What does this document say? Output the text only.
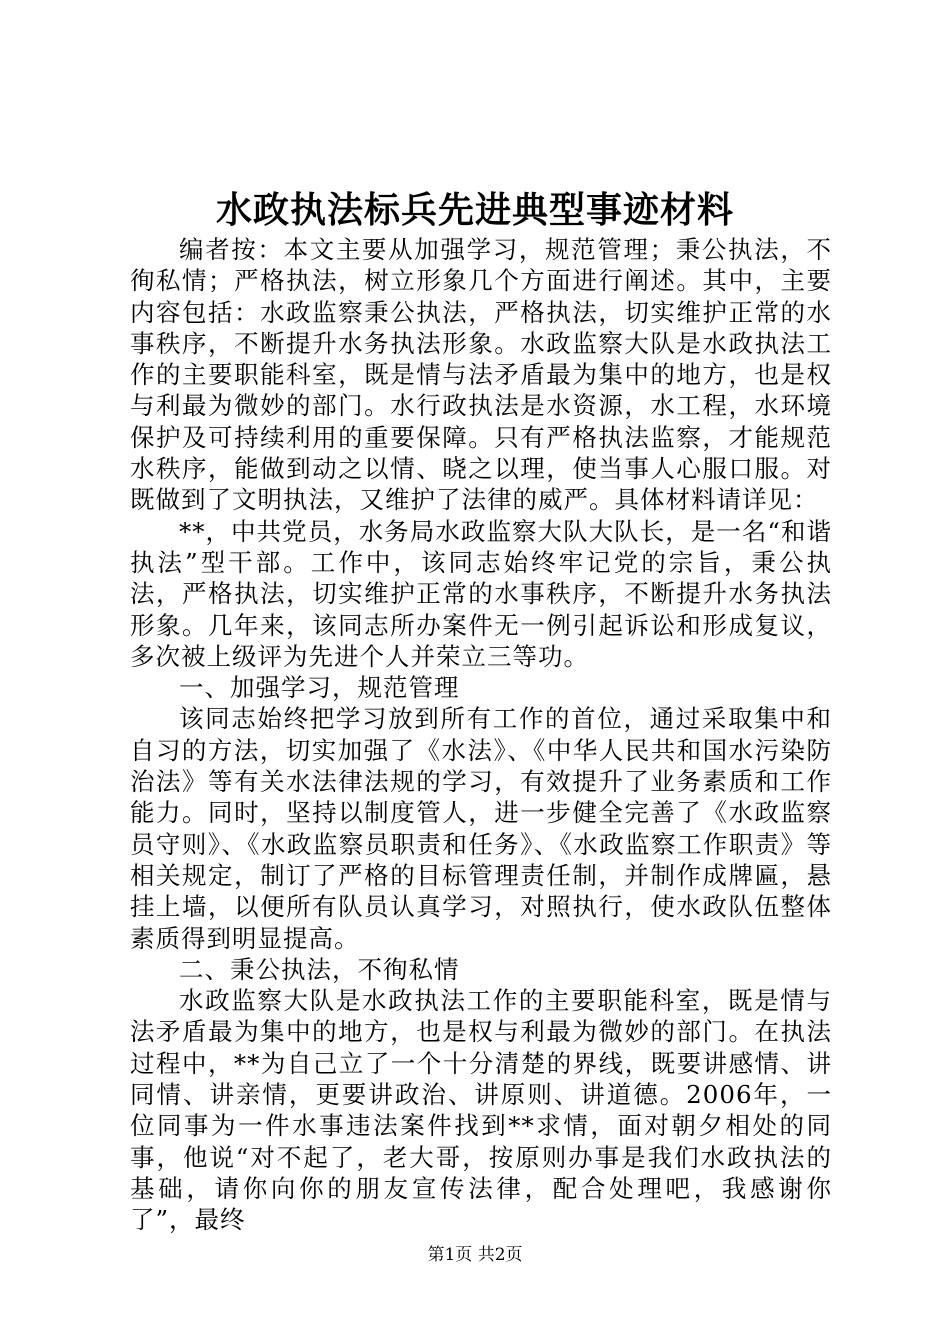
水政执法标兵先进典型事迹材料

编者按：本文主要从加强学习，规范管理；秉公执法，不徇私情；严格执法，树立形象几个方面进行阐述。其中，主要内容包括：水政监察秉公执法，严格执法，切实维护正常的水事秩序，不断提升水务执法形象。水政监察大队是水政执法工作的主要职能科室，既是情与法矛盾最为集中的地方，也是权与利最为微妙的部门。水行政执法是水资源，水工程，水环境保护及可持续利用的重要保障。只有严格执法监察，才能规范水秩序，能做到动之以情、晓之以理，使当事人心服口服。对既做到了文明执法，又维护了法律的威严。具体材料请详见：

**，中共党员，水务局水政监察大队大队长，是一名“和谐执法”型干部。工作中，该同志始终牢记党的宗旨，秉公执法，严格执法，切实维护正常的水事秩序，不断提升水务执法形象。几年来，该同志所办案件无一例引起诉讼和形成复议，多次被上级评为先进个人并荣立三等功。

一、加强学习，规范管理

该同志始终把学习放到所有工作的首位，通过采取集中和自习的方法，切实加强了《水法》、《中华人民共和国水污染防治法》等有关水法律法规的学习，有效提升了业务素质和工作能力。同时，坚持以制度管人，进一步健全完善了《水政监察员守则》、《水政监察员职责和任务》、《水政监察工作职责》等相关规定，制订了严格的目标管理责任制，并制作成牌匾，悬挂上墙，以便所有队员认真学习，对照执行，使水政队伍整体素质得到明显提高。

二、秉公执法，不徇私情

水政监察大队是水政执法工作的主要职能科室，既是情与法矛盾最为集中的地方，也是权与利最为微妙的部门。在执法过程中，**为自己立了一个十分清楚的界线，既要讲感情、讲同情、讲亲情，更要讲政治、讲原则、讲道德。2006年，一位同事为一件水事违法案件找到**求情，面对朝夕相处的同事，他说“对不起了，老大哥，按原则办事是我们水政执法的基础，请你向你的朋友宣传法律，配合处理吧，我感谢你了”，最终

第1页 共2页
